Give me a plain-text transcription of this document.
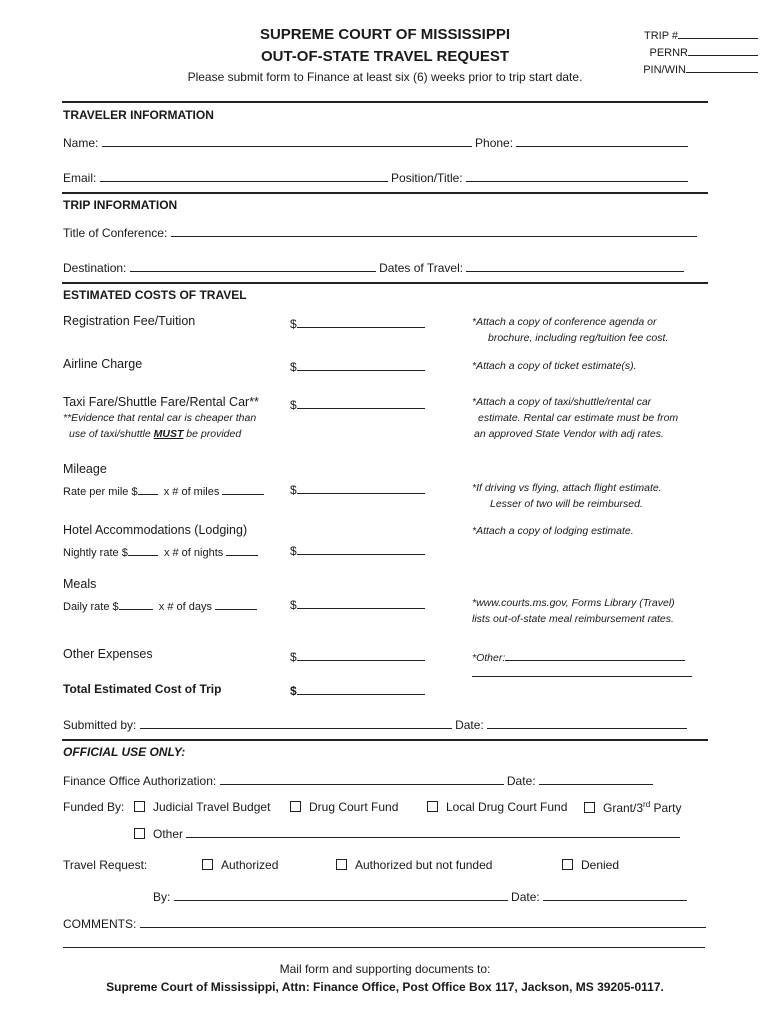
SUPREME COURT OF MISSISSIPPI
OUT-OF-STATE TRAVEL REQUEST
Please submit form to Finance at least six (6) weeks prior to trip start date.
TRIP #
PERNR
PIN/WIN
TRAVELER INFORMATION
Name:	Phone:
Email:	Position/Title:
TRIP INFORMATION
Title of Conference:
Destination:	Dates of Travel:
ESTIMATED COSTS OF TRAVEL
Registration Fee/Tuition	$	*Attach a copy of conference agenda or
brochure, including reg/tuition fee cost.
Airline Charge	$	*Attach a copy of ticket estimate(s).
Taxi Fare/Shuttle Fare/Rental Car**	$
**Evidence that rental car is cheaper than
use of taxi/shuttle MUST be provided
*Attach a copy of taxi/shuttle/rental car
estimate. Rental car estimate must be from
an approved State Vendor with adj rates.
Mileage
Rate per mile $ x # of miles	$	*If driving vs flying, attach flight estimate.
Lesser of two will be reimbursed.
Hotel Accommodations (Lodging)
Nightly rate $	x # of nights	$
*Attach a copy of lodging estimate.
Meals
Daily rate $	x # of days	$	*www.courts.ms.gov, Forms Library (Travel)
lists out-of-state meal reimbursement rates.
Other Expenses	$	*Other:
Total Estimated Cost of Trip	$
Submitted by:	Date:
OFFICIAL USE ONLY:
Finance Office Authorization:	Date:
Funded By:	Judicial Travel Budget	Drug Court Fund	Local Drug Court Fund	Grant/3rd Party
Other
Travel Request:	Authorized	Authorized but not funded	Denied
By:	Date:
COMMENTS:
Mail form and supporting documents to:
Supreme Court of Mississippi, Attn: Finance Office, Post Office Box 117, Jackson, MS 39205-0117.
